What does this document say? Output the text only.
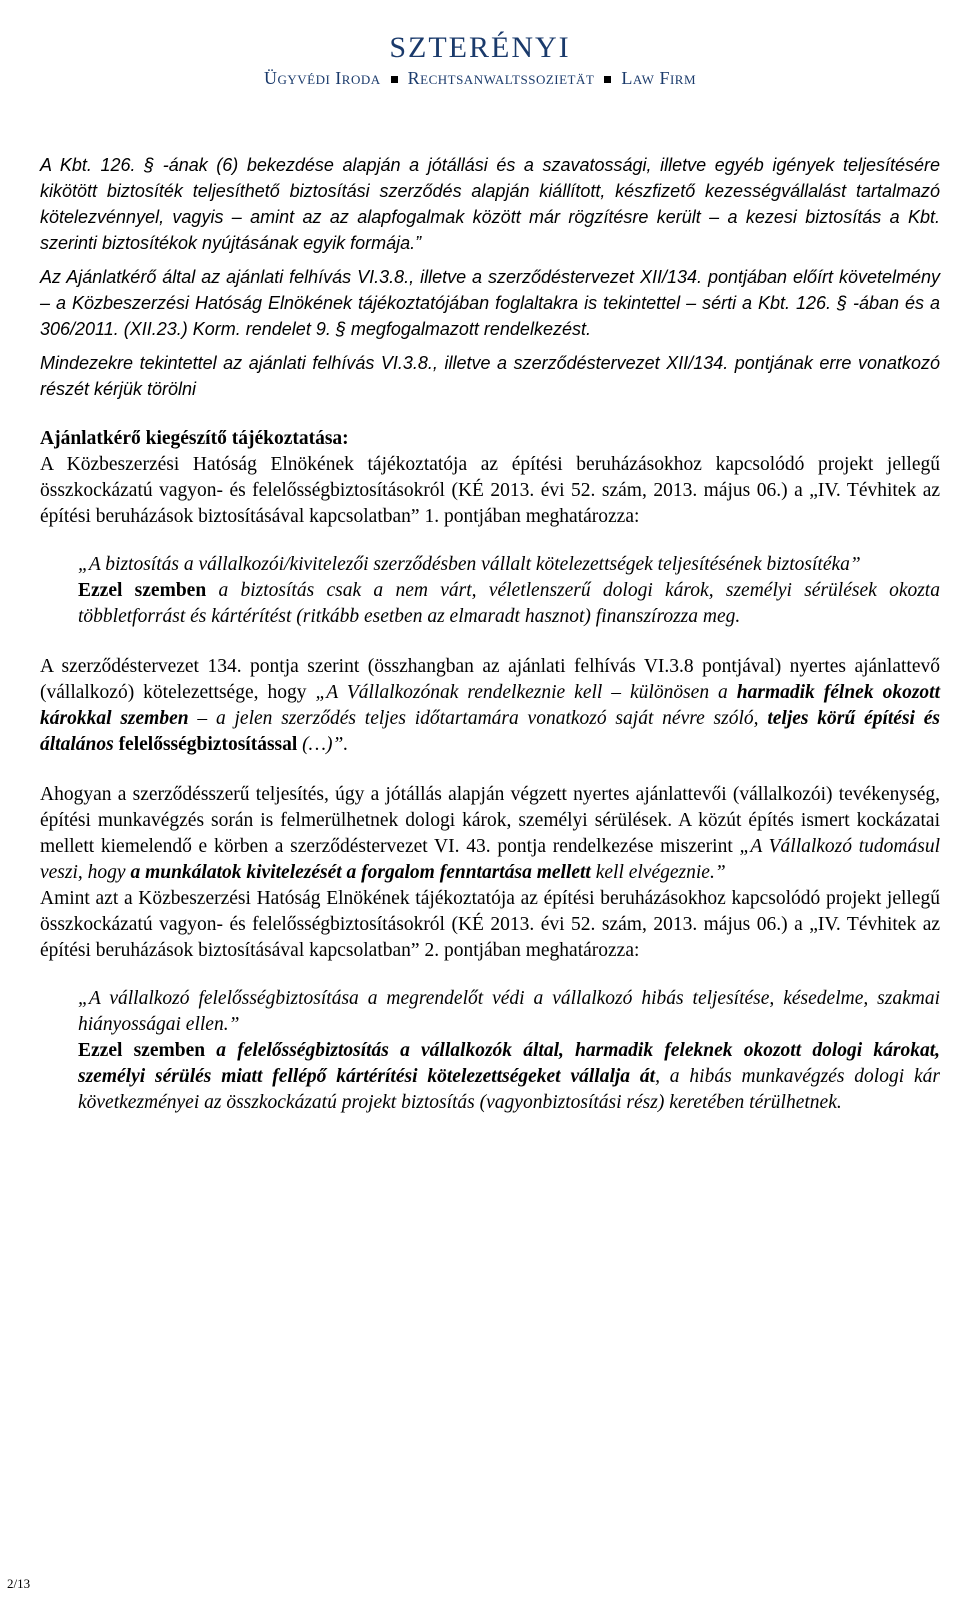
SZTERÉNYI
Ügyvédi Iroda Rechtsanwaltssozietät Law Firm

A Kbt. 126. § -ának (6) bekezdése alapján a jótállási és a szavatossági, illetve egyéb igények teljesítésére kikötött biztosíték teljesíthető biztosítási szerződés alapján kiállított, készfizető kezességvállalást tartalmazó kötelezvénnyel, vagyis – amint az az alapfogalmak között már rögzítésre került – a kezesi biztosítás a Kbt. szerinti biztosítékok nyújtásának egyik formája.”

Az Ajánlatkérő által az ajánlati felhívás VI.3.8., illetve a szerződéstervezet XII/134. pontjában előírt követelmény – a Közbeszerzési Hatóság Elnökének tájékoztatójában foglaltakra is tekintettel – sérti a Kbt. 126. § -ában és a 306/2011. (XII.23.) Korm. rendelet 9. § megfogalmazott rendelkezést.

Mindezekre tekintettel az ajánlati felhívás VI.3.8., illetve a szerződéstervezet XII/134. pontjának erre vonatkozó részét kérjük törölni

Ajánlatkérő kiegészítő tájékoztatása:
A Közbeszerzési Hatóság Elnökének tájékoztatója az építési beruházásokhoz kapcsolódó projekt jellegű összkockázatú vagyon- és felelősségbiztosításokról (KÉ 2013. évi 52. szám, 2013. május 06.) a „IV. Tévhitek az építési beruházások biztosításával kapcsolatban” 1. pontjában meghatározza:

„A biztosítás a vállalkozói/kivitelezői szerződésben vállalt kötelezettségek teljesítésének biztosítéka”
Ezzel szemben a biztosítás csak a nem várt, véletlenszerű dologi károk, személyi sérülések okozta többletforrást és kártérítést (ritkább esetben az elmaradt hasznot) finanszírozza meg.

A szerződéstervezet 134. pontja szerint (összhangban az ajánlati felhívás VI.3.8 pontjával) nyertes ajánlattevő (vállalkozó) kötelezettsége, hogy „A Vállalkozónak rendelkeznie kell – különösen a harmadik félnek okozott károkkal szemben – a jelen szerződés teljes időtartamára vonatkozó saját névre szóló, teljes körű építési és általános felelősségbiztosítással (…)”.

Ahogyan a szerződésszerű teljesítés, úgy a jótállás alapján végzett nyertes ajánlattevői (vállalkozói) tevékenység, építési munkavégzés során is felmerülhetnek dologi károk, személyi sérülések. A közút építés ismert kockázatai mellett kiemelendő e körben a szerződéstervezet VI. 43. pontja rendelkezése miszerint „A Vállalkozó tudomásul veszi, hogy a munkálatok kivitelezését a forgalom fenntartása mellett kell elvégeznie.”

Amint azt a Közbeszerzési Hatóság Elnökének tájékoztatója az építési beruházásokhoz kapcsolódó projekt jellegű összkockázatú vagyon- és felelősségbiztosításokról (KÉ 2013. évi 52. szám, 2013. május 06.) a „IV. Tévhitek az építési beruházások biztosításával kapcsolatban” 2. pontjában meghatározza:

„A vállalkozó felelősségbiztosítása a megrendelőt védi a vállalkozó hibás teljesítése, késedelme, szakmai hiányosságai ellen.”
Ezzel szemben a felelősségbiztosítás a vállalkozók által, harmadik feleknek okozott dologi károkat, személyi sérülés miatt fellépő kártérítési kötelezettségeket vállalja át, a hibás munkavégzés dologi kár következményei az összkockázatú projekt biztosítás (vagyonbiztosítási rész) keretében térülhetnek.

2/13
